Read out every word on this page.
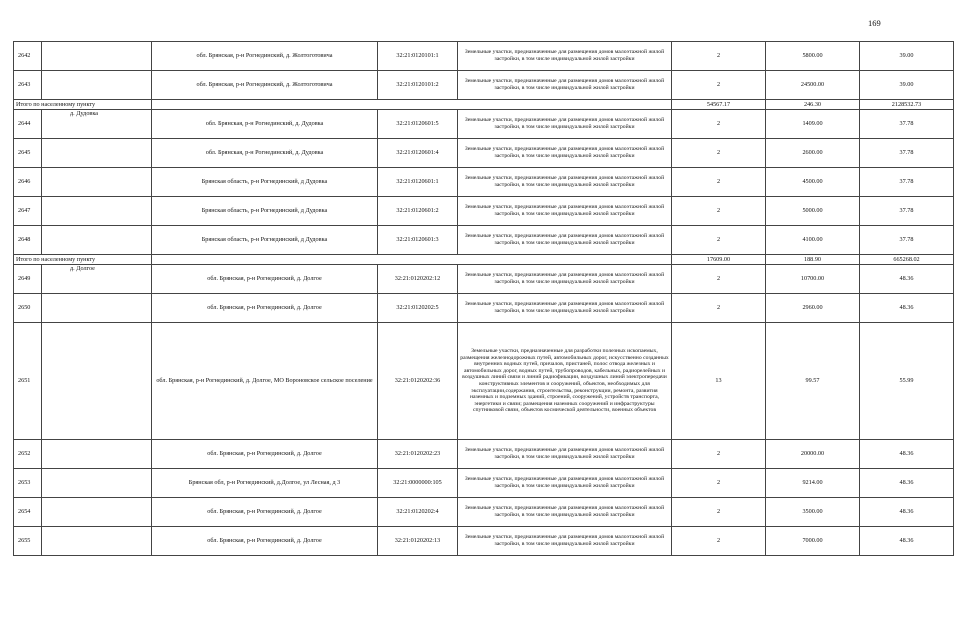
169
2642		обл. Брянская, р-н Рогнединский, д. Жолтоготовича	32:21:0120101:1	Земельные участки, предназначенные для размещения домов малоэтажной жилой застройки, в том числе индивидуальной жилой застройки	2	5800.00	39.00	
2643		обл. Брянская, р-н Рогнединский, д. Жолтоготовича	32:21:0120101:2	Земельные участки, предназначенные для размещения домов малоэтажной жилой застройки, в том числе индивидуальной жилой застройки	2	24500.00	39.00	
Итого по населенному пункту					54567.17	246.30	2128532.73	
2644	д. Дудовка	обл. Брянская, р-н Рогнединский, д. Дудовка	32:21:0120601:5	Земельные участки, предназначенные для размещения домов малоэтажной жилой застройки, в том числе индивидуальной жилой застройки	2	1409.00	37.78	
2645		обл. Брянская, р-н Рогнединский, д. Дудовка	32:21:0120601:4	Земельные участки, предназначенные для размещения домов малоэтажной жилой застройки, в том числе индивидуальной жилой застройки	2	2600.00	37.78	
2646		Брянская область, р-н Рогнединский, д Дудовка	32:21:0120601:1	Земельные участки, предназначенные для размещения домов малоэтажной жилой застройки, в том числе индивидуальной жилой застройки	2	4500.00	37.78	
2647		Брянская область, р-н Рогнединский, д Дудовка	32:21:0120601:2	Земельные участки, предназначенные для размещения домов малоэтажной жилой застройки, в том числе индивидуальной жилой застройки	2	5000.00	37.78	
2648		Брянская область, р-н Рогнединский, д Дудовка	32:21:0120601:3	Земельные участки, предназначенные для размещения домов малоэтажной жилой застройки, в том числе индивидуальной жилой застройки	2	4100.00	37.78	
Итого по населенному пункту					17609.00	188.90	665268.02	
2649	д. Долгое	обл. Брянская, р-н Рогнединский, д. Долгое	32:21:0120202:12	Земельные участки, предназначенные для размещения домов малоэтажной жилой застройки, в том числе индивидуальной жилой застройки	2	10700.00	48.36	
2650		обл. Брянская, р-н Рогнединский, д. Долгое	32:21:0120202:5	Земельные участки, предназначенные для размещения домов малоэтажной жилой застройки, в том числе индивидуальной жилой застройки	2	2960.00	48.36	
2651		обл. Брянская, р-н Рогнединский, д. Долгое, МО Вороновское сельское поселение	32:21:0120202:36	Земельные участки, предназначенные для разработки полезных ископаемых, размещения железнодорожных путей, автомобильных дорог, искусственно созданных внутренних водных путей, причалов, пристаней, полос отвода железных и автомобильных дорог, водных путей, трубопроводов, кабельных, радиорелейных и воздушных линий связи и линий радиофикации, воздушных линий электропередачи конструктивных элементов и сооружений, объектов, необходимых для эксплуатации,содержания, строительства, реконструкции, ремонта, развития наземных и подземных зданий, строений, сооружений, устройств транспорта, энергетики и связи; размещения наземных сооружений и инфраструктуры спутниковой связи, объектов космической деятельности, военных объектов	13	99.57	55.99	
2652		обл. Брянская, р-н Рогнединский, д. Долгое	32:21:0120202:23	Земельные участки, предназначенные для размещения домов малоэтажной жилой застройки, в том числе индивидуальной жилой застройки	2	20000.00	48.36	
2653		Брянская обл, р-н Рогнединский, д.Долгое, ул Лесная, д 3	32:21:0000000:105	Земельные участки, предназначенные для размещения домов малоэтажной жилой застройки, в том числе индивидуальной жилой застройки	2	9214.00	48.36	
2654		обл. Брянская, р-н Рогнединский, д. Долгое	32:21:0120202:4	Земельные участки, предназначенные для размещения домов малоэтажной жилой застройки, в том числе индивидуальной жилой застройки	2	3500.00	48.36	
2655		обл. Брянская, р-н Рогнединский, д. Долгое	32:21:0120202:13	Земельные участки, предназначенные для размещения домов малоэтажной жилой застройки, в том числе индивидуальной жилой застройки	2	7000.00	48.36	
